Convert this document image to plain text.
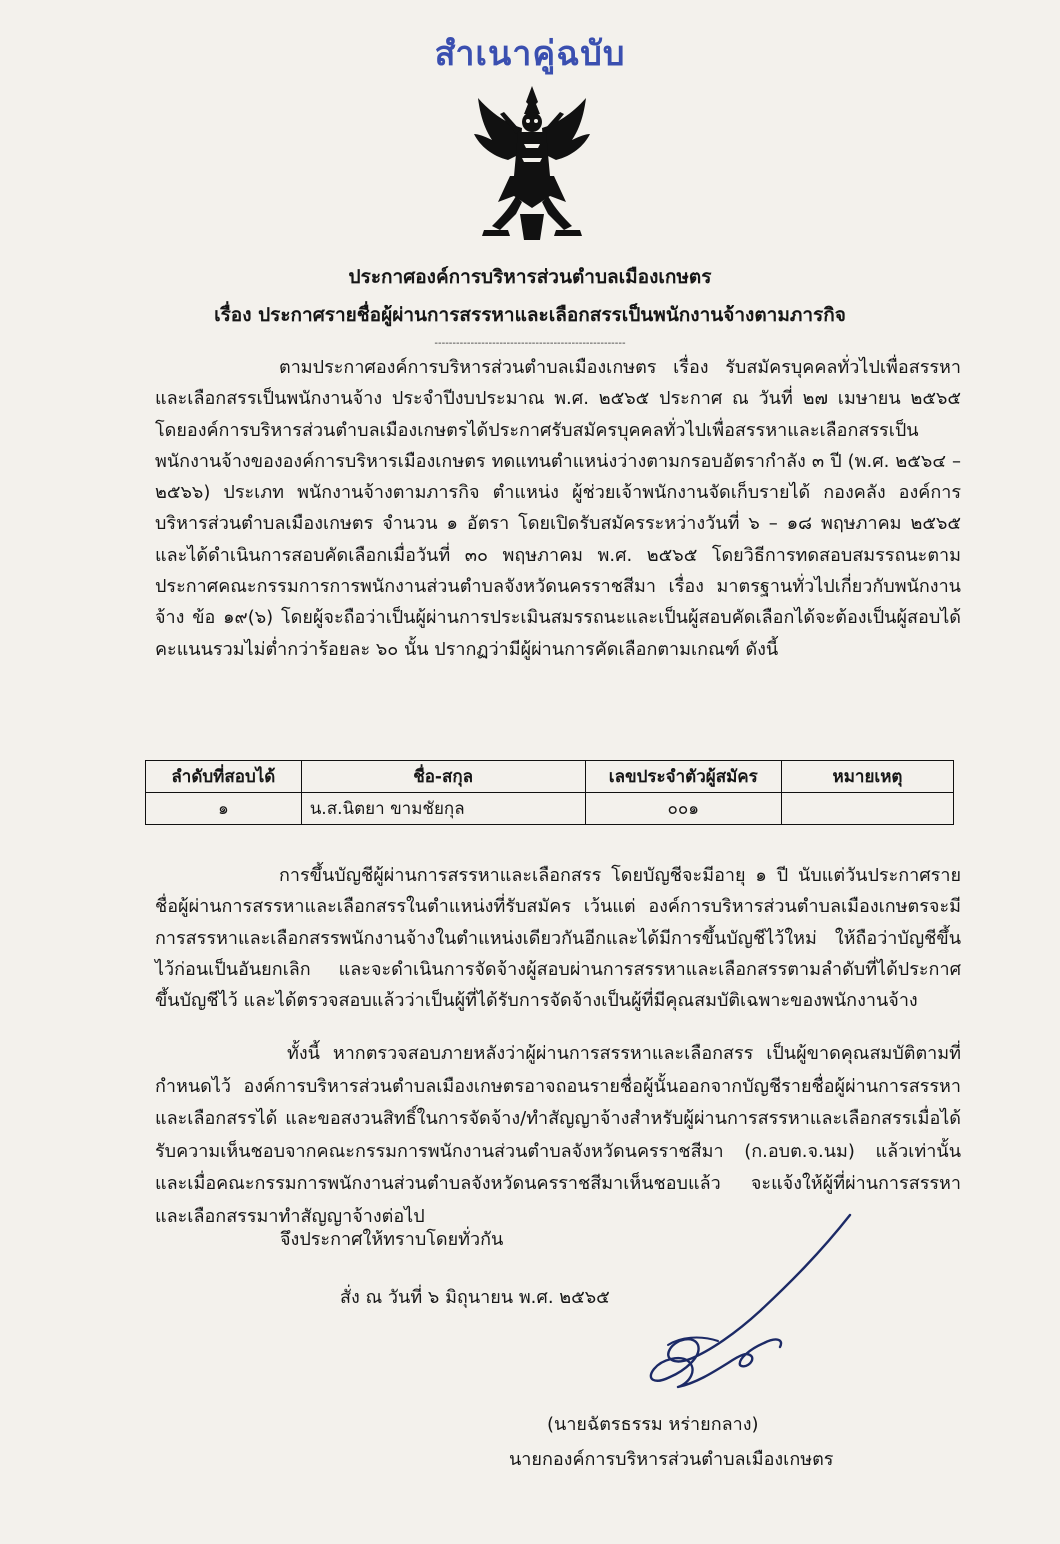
สำเนาคู่ฉบับ
ประกาศองค์การบริหารส่วนตำบลเมืองเกษตร
เรื่อง ประกาศรายชื่อผู้ผ่านการสรรหาและเลือกสรรเป็นพนักงานจ้างตามภารกิจ
-----------------------------------------------------
ตามประกาศองค์การบริหารส่วนตำบลเมืองเกษตร เรื่อง รับสมัครบุคคลทั่วไปเพื่อสรรหาและเลือกสรรเป็นพนักงานจ้าง ประจำปีงบประมาณ พ.ศ. ๒๕๖๕ ประกาศ ณ วันที่ ๒๗ เมษายน ๒๕๖๕ โดยองค์การบริหารส่วนตำบลเมืองเกษตรได้ประกาศรับสมัครบุคคลทั่วไปเพื่อสรรหาและเลือกสรรเป็นพนักงานจ้างขององค์การบริหารเมืองเกษตร ทดแทนตำแหน่งว่างตามกรอบอัตรากำลัง ๓ ปี (พ.ศ. ๒๕๖๔ – ๒๕๖๖) ประเภท พนักงานจ้างตามภารกิจ ตำแหน่ง ผู้ช่วยเจ้าพนักงานจัดเก็บรายได้ กองคลัง องค์การบริหารส่วนตำบลเมืองเกษตร จำนวน ๑ อัตรา โดยเปิดรับสมัครระหว่างวันที่ ๖ – ๑๘ พฤษภาคม ๒๕๖๕ และได้ดำเนินการสอบคัดเลือกเมื่อวันที่ ๓๐ พฤษภาคม พ.ศ. ๒๕๖๕ โดยวิธีการทดสอบสมรรถนะตามประกาศคณะกรรมการการพนักงานส่วนตำบลจังหวัดนครราชสีมา เรื่อง มาตรฐานทั่วไปเกี่ยวกับพนักงานจ้าง ข้อ ๑๙(๖) โดยผู้จะถือว่าเป็นผู้ผ่านการประเมินสมรรถนะและเป็นผู้สอบคัดเลือกได้จะต้องเป็นผู้สอบได้คะแนนรวมไม่ต่ำกว่าร้อยละ ๖๐ นั้น ปรากฏว่ามีผู้ผ่านการคัดเลือกตามเกณฑ์ ดังนี้
ลำดับที่สอบได้	ชื่อ-สกุล	เลขประจำตัวผู้สมัคร	หมายเหตุ
๑	น.ส.นิตยา ขามชัยกุล	๐๐๑	
การขึ้นบัญชีผู้ผ่านการสรรหาและเลือกสรร โดยบัญชีจะมีอายุ ๑ ปี นับแต่วันประกาศรายชื่อผู้ผ่านการสรรหาและเลือกสรรในตำแหน่งที่รับสมัคร เว้นแต่ องค์การบริหารส่วนตำบลเมืองเกษตรจะมีการสรรหาและเลือกสรรพนักงานจ้างในตำแหน่งเดียวกันอีกและได้มีการขึ้นบัญชีไว้ใหม่ ให้ถือว่าบัญชีขึ้นไว้ก่อนเป็นอันยกเลิก และจะดำเนินการจัดจ้างผู้สอบผ่านการสรรหาและเลือกสรรตามลำดับที่ได้ประกาศขึ้นบัญชีไว้ และได้ตรวจสอบแล้วว่าเป็นผู้ที่ได้รับการจัดจ้างเป็นผู้ที่มีคุณสมบัติเฉพาะของพนักงานจ้าง
ทั้งนี้ หากตรวจสอบภายหลังว่าผู้ผ่านการสรรหาและเลือกสรร เป็นผู้ขาดคุณสมบัติตามที่กำหนดไว้ องค์การบริหารส่วนตำบลเมืองเกษตรอาจถอนรายชื่อผู้นั้นออกจากบัญชีรายชื่อผู้ผ่านการสรรหาและเลือกสรรได้ และขอสงวนสิทธิ์ในการจัดจ้าง/ทำสัญญาจ้างสำหรับผู้ผ่านการสรรหาและเลือกสรรเมื่อได้รับความเห็นชอบจากคณะกรรมการพนักงานส่วนตำบลจังหวัดนครราชสีมา (ก.อบต.จ.นม) แล้วเท่านั้น และเมื่อคณะกรรมการพนักงานส่วนตำบลจังหวัดนครราชสีมาเห็นชอบแล้ว จะแจ้งให้ผู้ที่ผ่านการสรรหาและเลือกสรรมาทำสัญญาจ้างต่อไป
จึงประกาศให้ทราบโดยทั่วกัน
สั่ง ณ วันที่ ๖ มิถุนายน พ.ศ. ๒๕๖๕
(นายฉัตรธรรม หร่ายกลาง)
นายกองค์การบริหารส่วนตำบลเมืองเกษตร
